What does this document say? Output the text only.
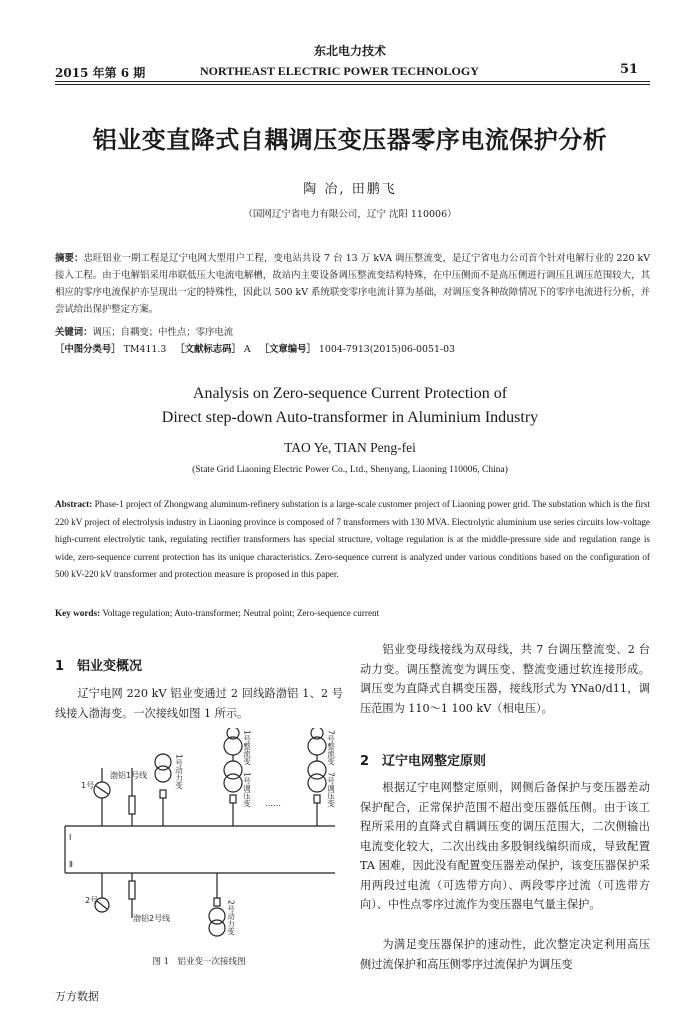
东北电力技术
2015 年第 6 期	NORTHEAST ELECTRIC POWER TECHNOLOGY	51
铝业变直降式自耦调压变压器零序电流保护分析
陶 冶, 田鹏飞
（国网辽宁省电力有限公司，辽宁 沈阳 110006）
摘要：忠旺铝业一期工程是辽宁电网大型用户工程，变电站共设 7 台 13 万 kVA 调压整流变，是辽宁省电力公司首个针对电解行业的 220 kV 接入工程。由于电解铝采用串联低压大电流电解槽，故站内主要设备调压整流变结构特殊，在中压侧而不是高压侧进行调压且调压范围较大，其相应的零序电流保护亦呈现出一定的特殊性，因此以 500 kV 系统联变零序电流计算为基础，对调压变各种故障情况下的零序电流进行分析，并尝试给出保护整定方案。
关键词：调压；自耦变；中性点；零序电流
［中图分类号］ TM411.3 ［文献标志码］ A ［文章编号］ 1004-7913(2015)06-0051-03
Analysis on Zero-sequence Current Protection of
Direct step-down Auto-transformer in Aluminium Industry
TAO Ye, TIAN Peng-fei
(State Grid Liaoning Electric Power Co., Ltd., Shenyang, Liaoning 110006, China)
Abstract: Phase-1 project of Zhongwang aluminum-refinery substation is a large-scale customer project of Liaoning power grid. The substation which is the first 220 kV project of electrolysis industry in Liaoning province is composed of 7 transformers with 130 MVA. Electrolytic aluminium use series circuits low-voltage high-current electrolytic tank, regulating rectifier transformers has special structure, voltage regulation is at the middle-pressure side and regulation range is wide, zero-sequence current protection has its unique characteristics. Zero-sequence current is analyzed under various conditions based on the configuration of 500 kV-220 kV transformer and protection measure is proposed in this paper.
Key words: Voltage regulation; Auto-transformer; Neutral point; Zero-sequence current
1　铝业变概况

辽宁电网 220 kV 铝业变通过 2 回线路渤铝 1、2 号线接入渤海变。一次接线如图 1 所示。

渤铝1号线
1号
Ⅰ
Ⅱ
2号
渤铝2号线
……
1号动力变
1号整流变
1号调压变
7号整流变
7号调压变
2号动力变
图 1　铝业变一次接线图

铝业变母线接线为双母线，共 7 台调压整流变、2 台动力变。调压整流变为调压变、整流变通过软连接形成。调压变为直降式自耦变压器，接线形式为 YNa0/d11，调压范围为 110～1 100 kV（相电压）。

2　辽宁电网整定原则

根据辽宁电网整定原则，网侧后备保护与变压器差动保护配合，正常保护范围不超出变压器低压侧。由于该工程所采用的直降式自耦调压变的调压范围大，二次侧输出电流变化较大，二次出线由多股铜线编织而成，导致配置 TA 困难，因此没有配置变压器差动保护，该变压器保护采用两段过电流（可选带方向）、两段零序过流（可选带方向）、中性点零序过流作为变压器电气量主保护。

为满足变压器保护的速动性，此次整定决定利用高压侧过流保护和高压侧零序过流保护为调压变

万方数据
